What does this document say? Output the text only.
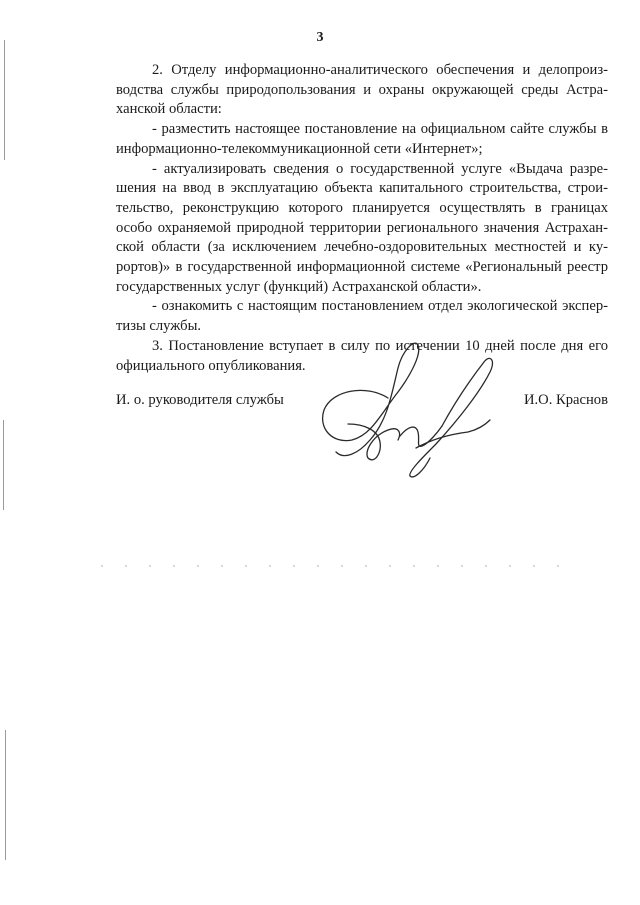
3

2. Отделу информационно-аналитического обеспечения и делопроизводства службы природопользования и охраны окружающей среды Астраханской области:

- разместить настоящее постановление на официальном сайте службы в информационно-телекоммуникационной сети «Интернет»;

- актуализировать сведения о государственной услуге «Выдача разрешения на ввод в эксплуатацию объекта капитального строительства, строительство, реконструкцию которого планируется осуществлять в границах особо охраняемой природной территории регионального значения Астраханской области (за исключением лечебно-оздоровительных местностей и курортов)» в государственной информационной системе «Региональный реестр государственных услуг (функций) Астраханской области».

- ознакомить с настоящим постановлением отдел экологической экспертизы службы.

3. Постановление вступает в силу по истечении 10 дней после дня его официального опубликования.

И. о. руководителя службы	И.О. Краснов
